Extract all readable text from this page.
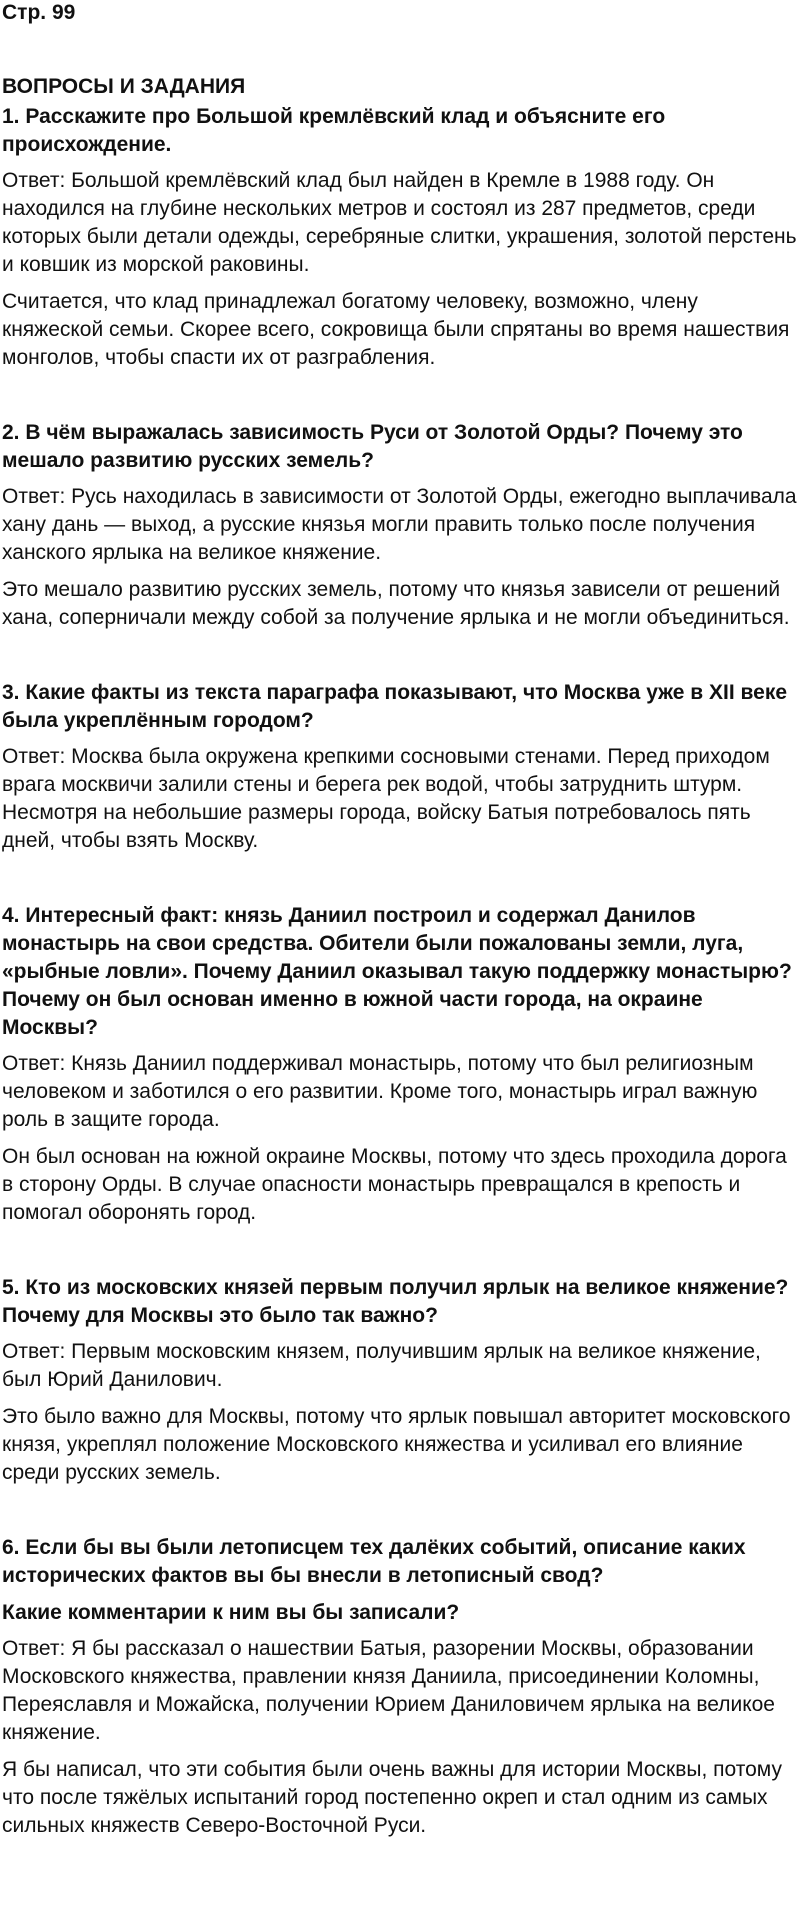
Стр. 99

ВОПРОСЫ И ЗАДАНИЯ

1. Расскажите про Большой кремлёвский клад и объясните его происхождение.

Ответ: Большой кремлёвский клад был найден в Кремле в 1988 году. Он находился на глубине нескольких метров и состоял из 287 предметов, среди которых были детали одежды, серебряные слитки, украшения, золотой перстень и ковшик из морской раковины.

Считается, что клад принадлежал богатому человеку, возможно, члену княжеской семьи. Скорее всего, сокровища были спрятаны во время нашествия монголов, чтобы спасти их от разграбления.

2. В чём выражалась зависимость Руси от Золотой Орды? Почему это мешало развитию русских земель?

Ответ: Русь находилась в зависимости от Золотой Орды, ежегодно выплачивала хану дань — выход, а русские князья могли править только после получения ханского ярлыка на великое княжение.

Это мешало развитию русских земель, потому что князья зависели от решений хана, соперничали между собой за получение ярлыка и не могли объединиться.

3. Какие факты из текста параграфа показывают, что Москва уже в XII веке была укреплённым городом?

Ответ: Москва была окружена крепкими сосновыми стенами. Перед приходом врага москвичи залили стены и берега рек водой, чтобы затруднить штурм. Несмотря на небольшие размеры города, войску Батыя потребовалось пять дней, чтобы взять Москву.

4. Интересный факт: князь Даниил построил и содержал Данилов монастырь на свои средства. Обители были пожалованы земли, луга, «рыбные ловли». Почему Даниил оказывал такую поддержку монастырю? Почему он был основан именно в южной части города, на окраине Москвы?

Ответ: Князь Даниил поддерживал монастырь, потому что был религиозным человеком и заботился о его развитии. Кроме того, монастырь играл важную роль в защите города.

Он был основан на южной окраине Москвы, потому что здесь проходила дорога в сторону Орды. В случае опасности монастырь превращался в крепость и помогал оборонять город.

5. Кто из московских князей первым получил ярлык на великое княжение? Почему для Москвы это было так важно?

Ответ: Первым московским князем, получившим ярлык на великое княжение, был Юрий Данилович.

Это было важно для Москвы, потому что ярлык повышал авторитет московского князя, укреплял положение Московского княжества и усиливал его влияние среди русских земель.

6. Если бы вы были летописцем тех далёких событий, описание каких исторических фактов вы бы внесли в летописный свод?

Какие комментарии к ним вы бы записали?

Ответ: Я бы рассказал о нашествии Батыя, разорении Москвы, образовании Московского княжества, правлении князя Даниила, присоединении Коломны, Переяславля и Можайска, получении Юрием Даниловичем ярлыка на великое княжение.

Я бы написал, что эти события были очень важны для истории Москвы, потому что после тяжёлых испытаний город постепенно окреп и стал одним из самых сильных княжеств Северо-Восточной Руси.
